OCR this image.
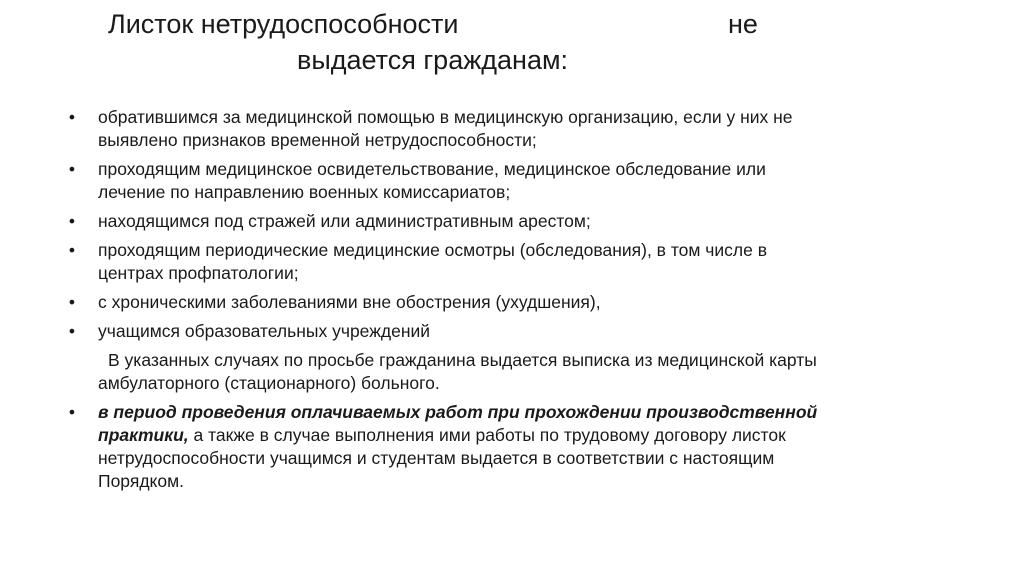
Листок нетрудоспособности	не
выдается гражданам:
• обратившимся за медицинской помощью в медицинскую организацию, если у них не выявлено признаков временной нетрудоспособности;
• проходящим медицинское освидетельствование, медицинское обследование или лечение по направлению военных комиссариатов;
• находящимся под стражей или административным арестом;
• проходящим периодические медицинские осмотры (обследования), в том числе в центрах профпатологии;
• с хроническими заболеваниями вне обострения (ухудшения),
• учащимся образовательных учреждений
В указанных случаях по просьбе гражданина выдается выписка из медицинской карты амбулаторного (стационарного) больного.
• в период проведения оплачиваемых работ при прохождении производственной практики, а также в случае выполнения ими работы по трудовому договору листок нетрудоспособности учащимся и студентам выдается в соответствии с настоящим Порядком.
